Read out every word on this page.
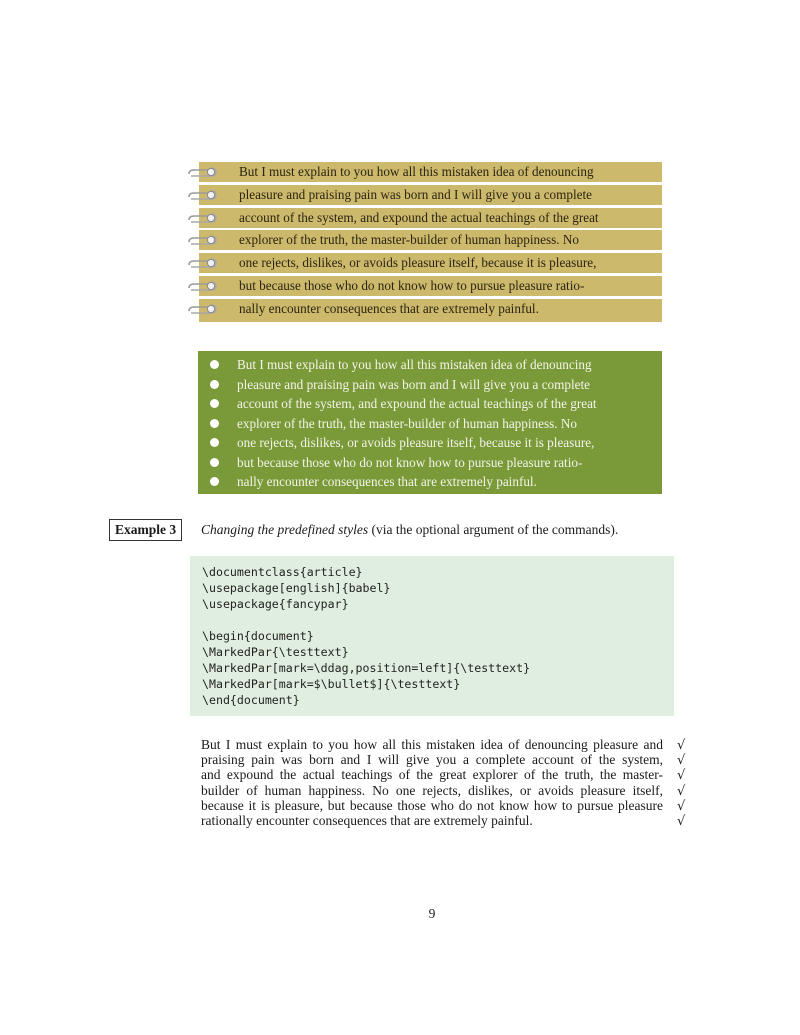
But I must explain to you how all this mistaken idea of denouncing
pleasure and praising pain was born and I will give you a complete
account of the system, and expound the actual teachings of the great
explorer of the truth, the master-builder of human happiness. No
one rejects, dislikes, or avoids pleasure itself, because it is pleasure,
but because those who do not know how to pursue pleasure ratio-
nally encounter consequences that are extremely painful.
But I must explain to you how all this mistaken idea of denouncing
pleasure and praising pain was born and I will give you a complete
account of the system, and expound the actual teachings of the great
explorer of the truth, the master-builder of human happiness. No
one rejects, dislikes, or avoids pleasure itself, because it is pleasure,
but because those who do not know how to pursue pleasure ratio-
nally encounter consequences that are extremely painful.
Example 3	Changing the predefined styles (via the optional argument of the commands).
\documentclass{article}
\usepackage[english]{babel}
\usepackage{fancypar}
\begin{document}
\MarkedPar{\testtext}
\MarkedPar[mark=\ddag,position=left]{\testtext}
\MarkedPar[mark=$\bullet$]{\testtext}
\end{document}
But I must explain to you how all this mistaken idea of denouncing pleasure and √
praising pain was born and I will give you a complete account of the system, √
and expound the actual teachings of the great explorer of the truth, the master- √
builder of human happiness. No one rejects, dislikes, or avoids pleasure itself, √
because it is pleasure, but because those who do not know how to pursue pleasure √
rationally encounter consequences that are extremely painful.	√
9
